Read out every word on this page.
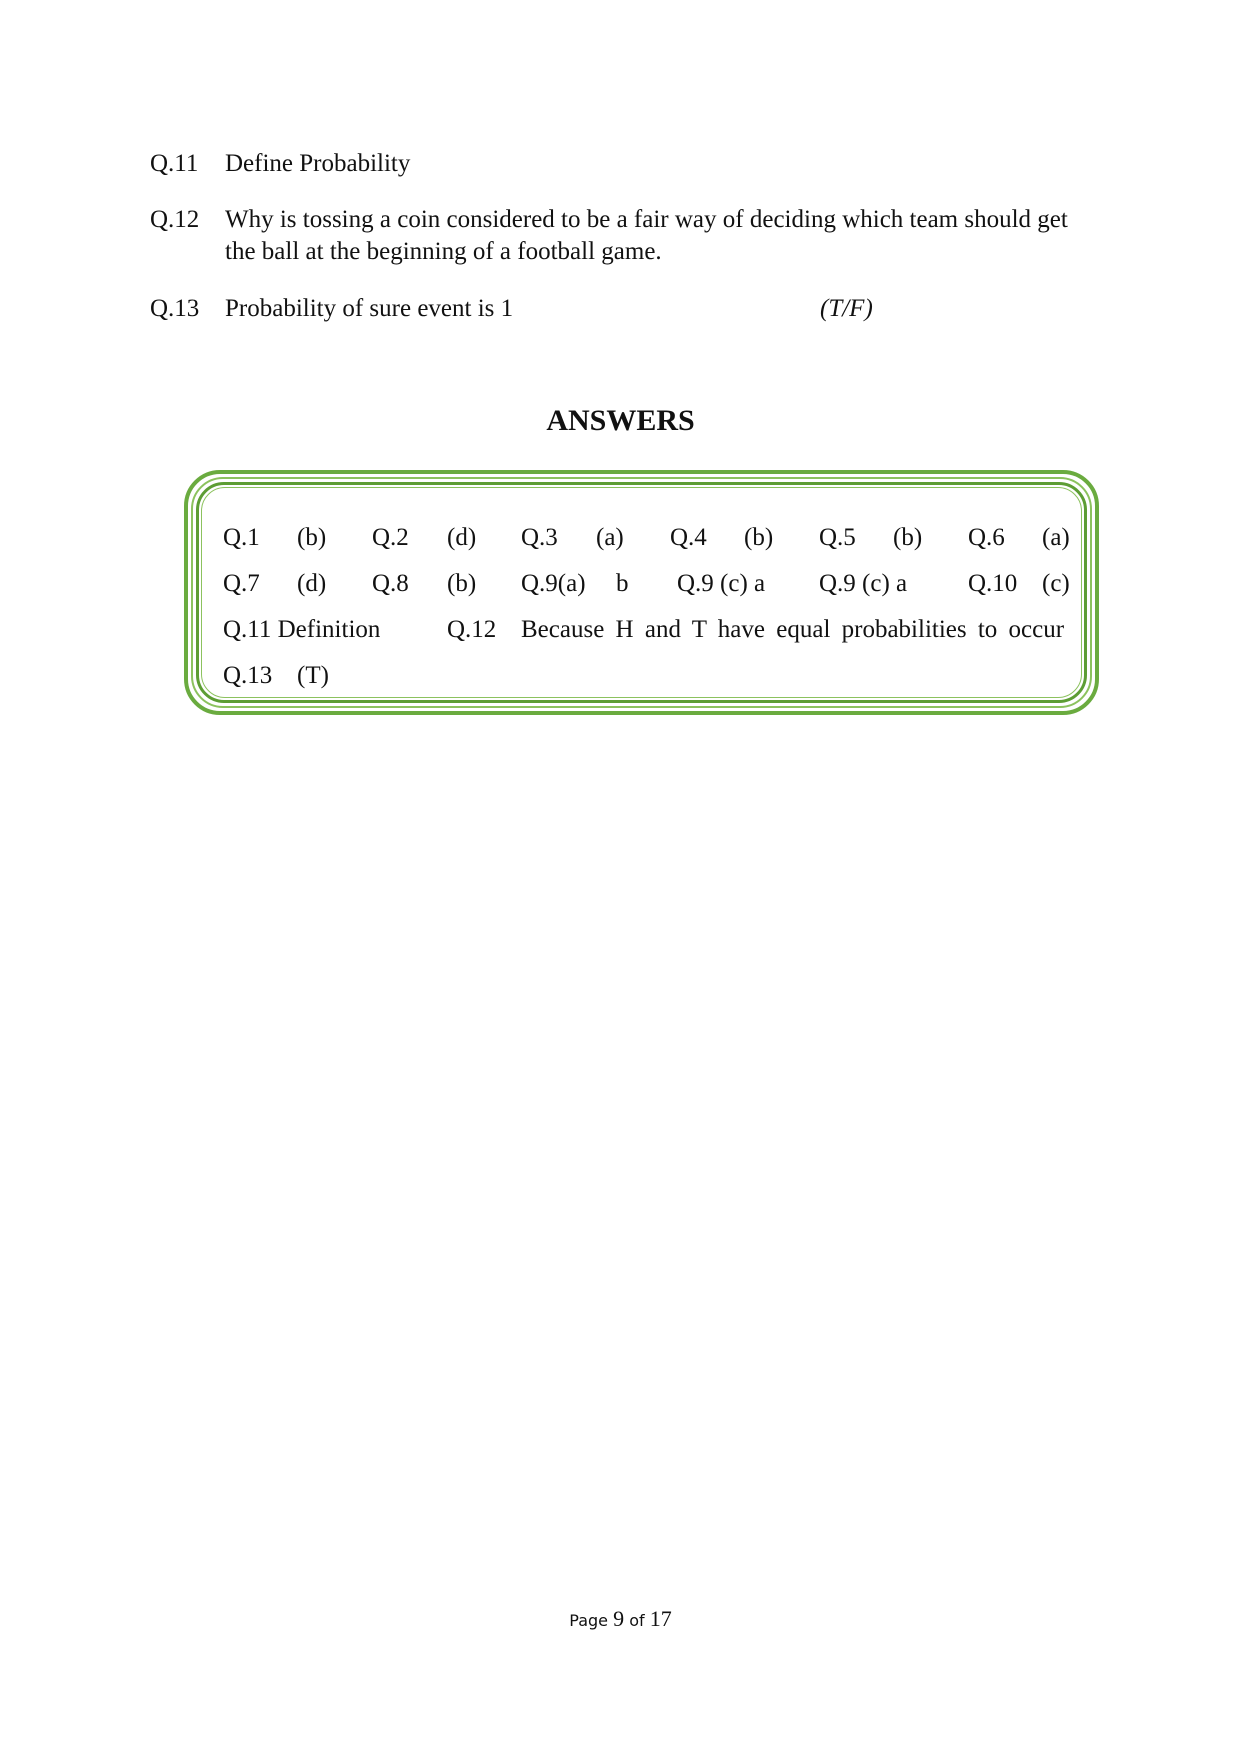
Q.11 Define Probability
Q.12 Why is tossing a coin considered to be a fair way of deciding which team should get the ball at the beginning of a football game.
Q.13 Probability of sure event is 1	(T/F)
ANSWERS
Q.1 (b) Q.2 (d) Q.3 (a) Q.4 (b) Q.5 (b) Q.6 (a)
Q.7 (d) Q.8 (b) Q.9(a) b Q.9 (c) a Q.9 (c) a Q.10 (c)
Q.11 Definition	Q.12 Because H and T have equal probabilities to occur
Q.13 (T)
Page 9 of 17
